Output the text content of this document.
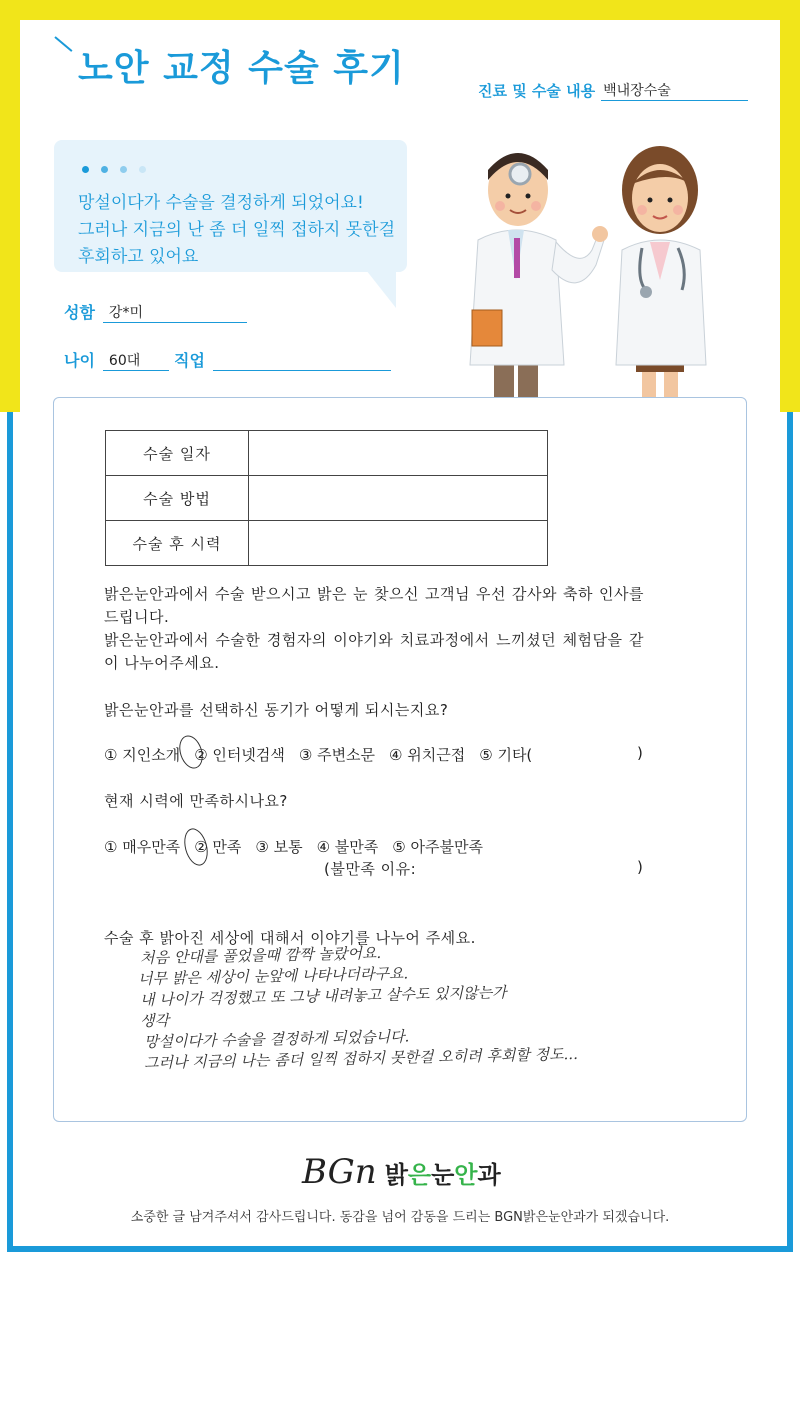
노안 교정 수술 후기
진료 및 수술 내용 백내장수술
망설이다가 수술을 결정하게 되었어요!
그러나 지금의 난 좀 더 일찍 접하지 못한걸
후회하고 있어요
성함	강*미
나이	60대	직업
수술 일자	
수술 방법	
수술 후 시력	
밝은눈안과에서 수술 받으시고 밝은 눈 찾으신 고객님 우선 감사와 축하 인사를 드립니다.
밝은눈안과에서 수술한 경험자의 이야기와 치료과정에서 느끼셨던 체험담을 같이 나누어주세요.
밝은눈안과를 선택하신 동기가 어떻게 되시는지요?
① 지인소개 ② 인터넷검색 ③ 주변소문 ④ 위치근접 ⑤ 기타(	)
현재 시력에 만족하시나요?
① 매우만족 ② 만족 ③ 보통 ④ 불만족 ⑤ 아주불만족
(불만족 이유:	)
수술 후 밝아진 세상에 대해서 이야기를 나누어 주세요.
처음 안대를 풀었을때 깜짝 놀랐어요.
너무 밝은 세상이 눈앞에 나타나더라구요.
내 나이가 걱정했고 또 그냥 내려놓고 살수도 있지않는가
생각
망설이다가 수술을 결정하게 되었습니다.
그러나 지금의 나는 좀더 일찍 접하지 못한걸 오히려 후회할 정도...
BGn 밝은눈안과
소중한 글 남겨주셔서 감사드립니다. 동감을 넘어 감동을 드리는 BGN밝은눈안과가 되겠습니다.
